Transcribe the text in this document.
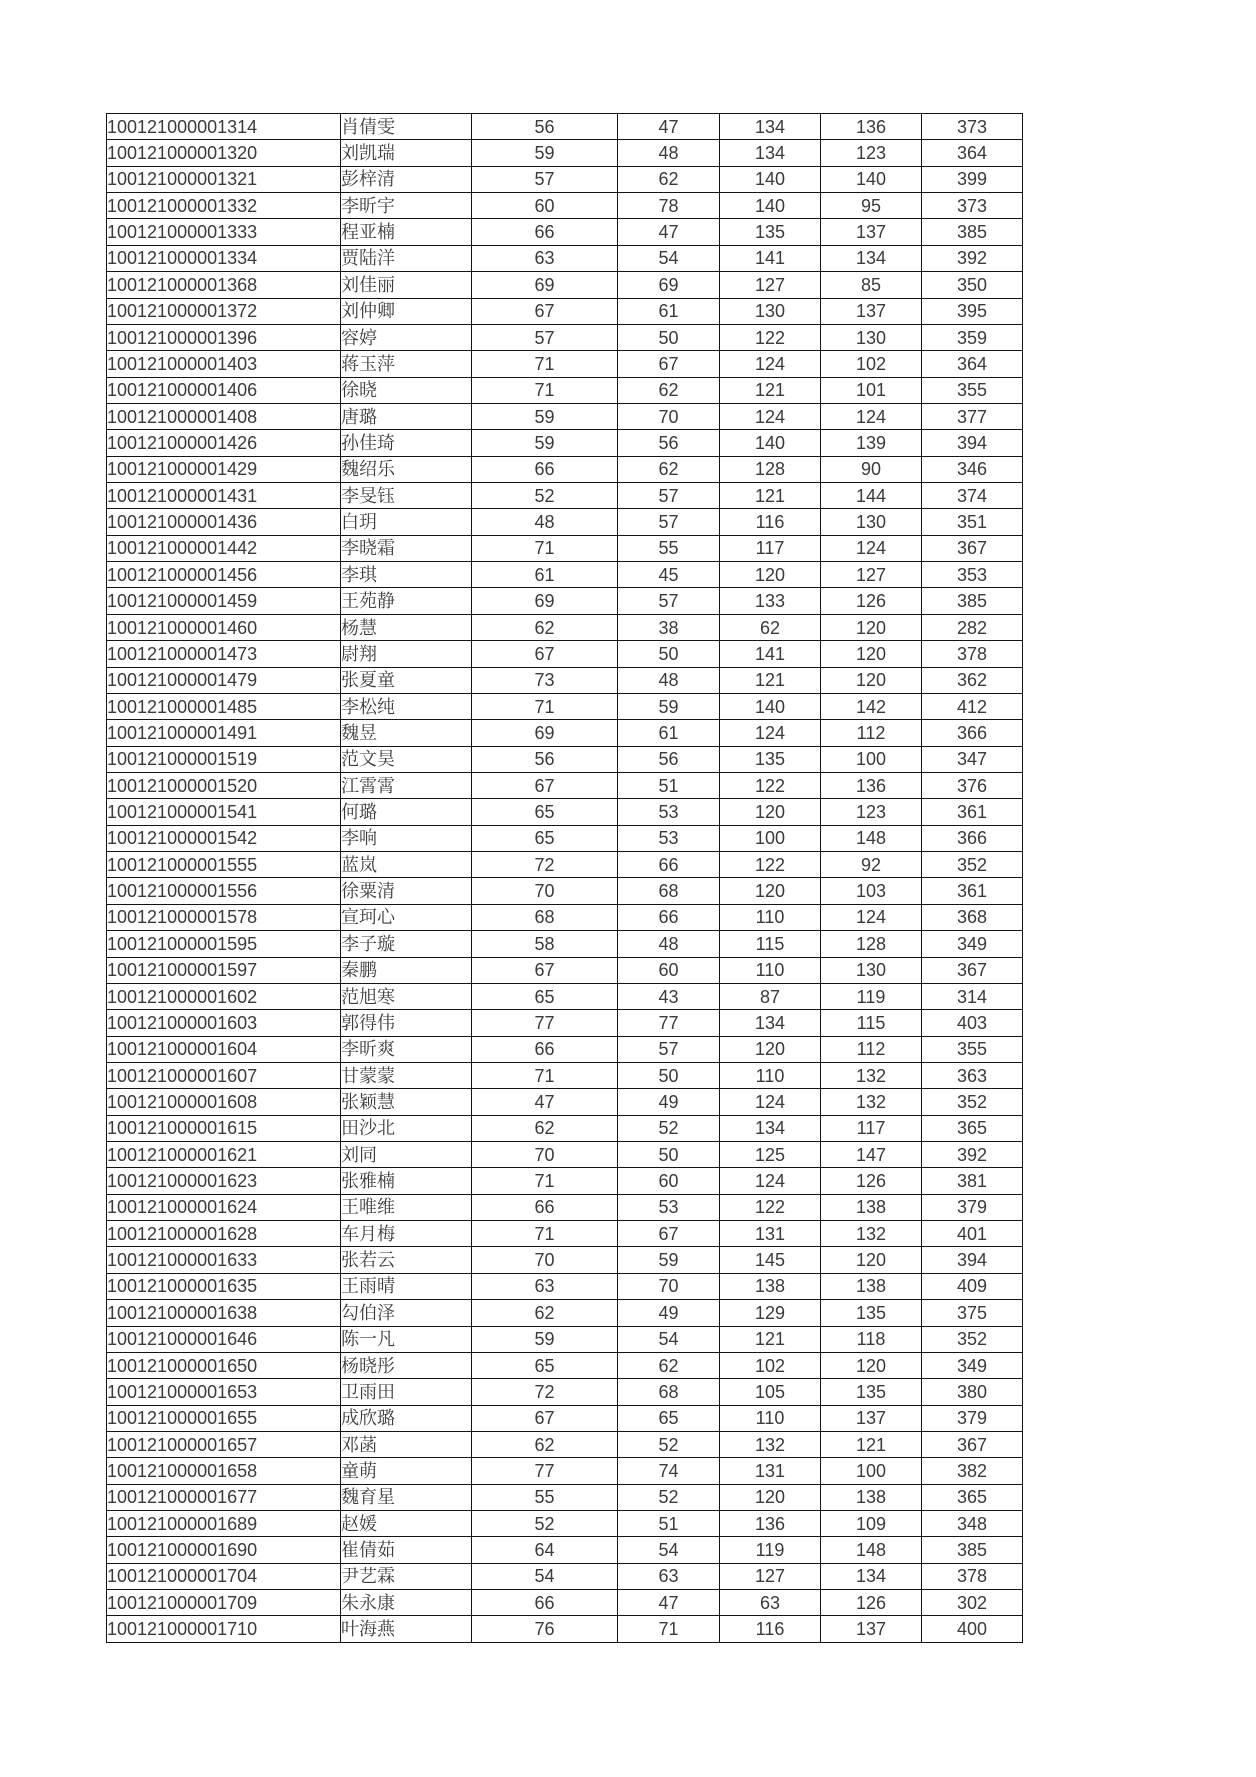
100121000001314	肖倩雯	56	47	134	136	373
100121000001320	刘凯瑞	59	48	134	123	364
100121000001321	彭梓清	57	62	140	140	399
100121000001332	李昕宇	60	78	140	95	373
100121000001333	程亚楠	66	47	135	137	385
100121000001334	贾陆洋	63	54	141	134	392
100121000001368	刘佳丽	69	69	127	85	350
100121000001372	刘仲卿	67	61	130	137	395
100121000001396	容婷	57	50	122	130	359
100121000001403	蒋玉萍	71	67	124	102	364
100121000001406	徐晓	71	62	121	101	355
100121000001408	唐璐	59	70	124	124	377
100121000001426	孙佳琦	59	56	140	139	394
100121000001429	魏绍乐	66	62	128	90	346
100121000001431	李旻钰	52	57	121	144	374
100121000001436	白玥	48	57	116	130	351
100121000001442	李晓霜	71	55	117	124	367
100121000001456	李琪	61	45	120	127	353
100121000001459	王苑静	69	57	133	126	385
100121000001460	杨慧	62	38	62	120	282
100121000001473	尉翔	67	50	141	120	378
100121000001479	张夏童	73	48	121	120	362
100121000001485	李松纯	71	59	140	142	412
100121000001491	魏昱	69	61	124	112	366
100121000001519	范文昊	56	56	135	100	347
100121000001520	江霄霄	67	51	122	136	376
100121000001541	何璐	65	53	120	123	361
100121000001542	李响	65	53	100	148	366
100121000001555	蓝岚	72	66	122	92	352
100121000001556	徐粟清	70	68	120	103	361
100121000001578	宣珂心	68	66	110	124	368
100121000001595	李子璇	58	48	115	128	349
100121000001597	秦鹏	67	60	110	130	367
100121000001602	范旭寒	65	43	87	119	314
100121000001603	郭得伟	77	77	134	115	403
100121000001604	李昕爽	66	57	120	112	355
100121000001607	甘蒙蒙	71	50	110	132	363
100121000001608	张颖慧	47	49	124	132	352
100121000001615	田沙北	62	52	134	117	365
100121000001621	刘同	70	50	125	147	392
100121000001623	张雅楠	71	60	124	126	381
100121000001624	王唯维	66	53	122	138	379
100121000001628	车月梅	71	67	131	132	401
100121000001633	张若云	70	59	145	120	394
100121000001635	王雨晴	63	70	138	138	409
100121000001638	勾伯泽	62	49	129	135	375
100121000001646	陈一凡	59	54	121	118	352
100121000001650	杨晓彤	65	62	102	120	349
100121000001653	卫雨田	72	68	105	135	380
100121000001655	成欣璐	67	65	110	137	379
100121000001657	邓菡	62	52	132	121	367
100121000001658	童萌	77	74	131	100	382
100121000001677	魏育星	55	52	120	138	365
100121000001689	赵媛	52	51	136	109	348
100121000001690	崔倩茹	64	54	119	148	385
100121000001704	尹艺霖	54	63	127	134	378
100121000001709	朱永康	66	47	63	126	302
100121000001710	叶海燕	76	71	116	137	400
